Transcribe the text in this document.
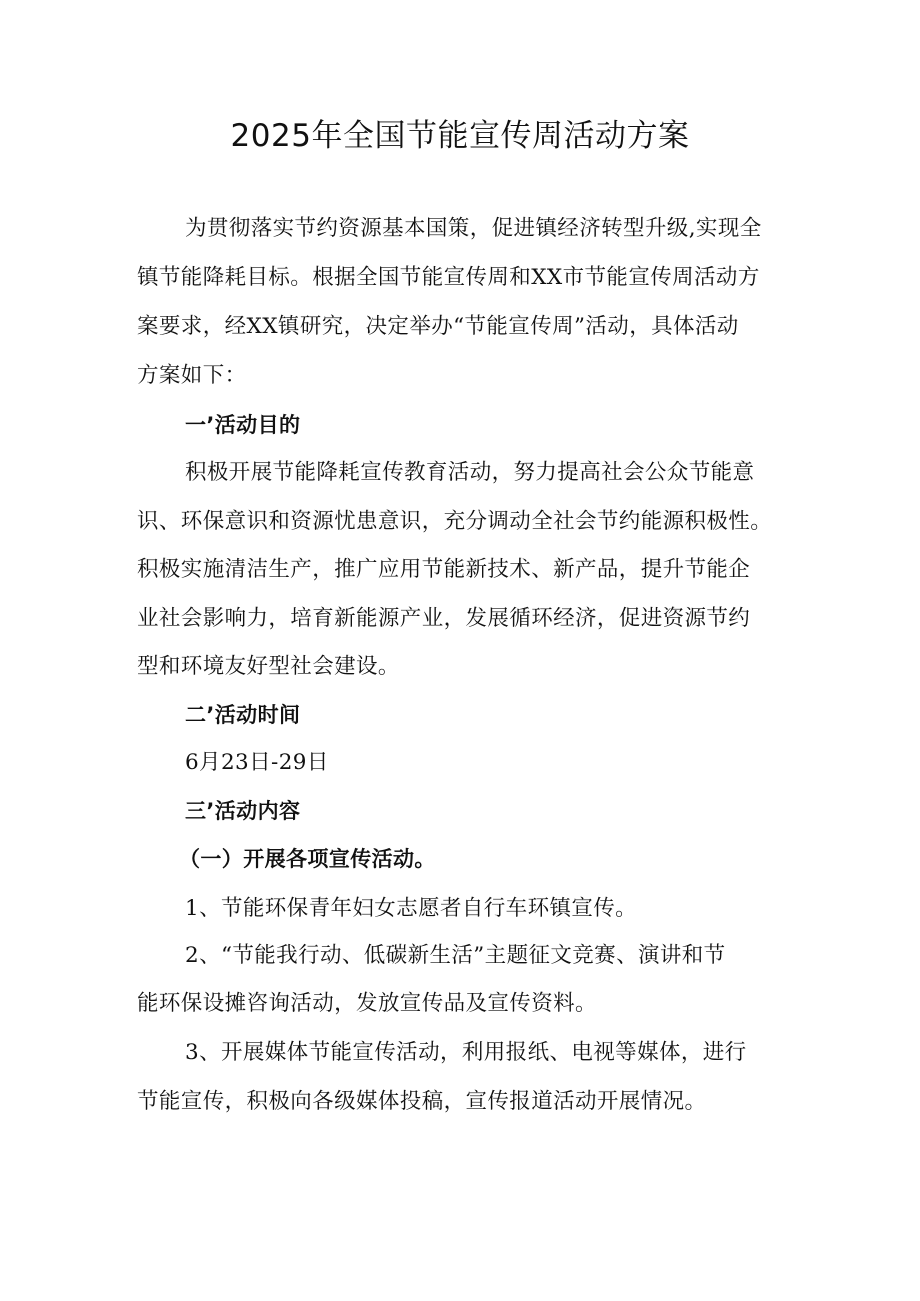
2025年全国节能宣传周活动方案
为贯彻落实节约资源基本国策，促进镇经济转型升级,实现全
镇节能降耗目标。根据全国节能宣传周和XX市节能宣传周活动方
案要求，经XX镇研究，决定举办“节能宣传周”活动，具体活动
方案如下：
一’活动目的
积极开展节能降耗宣传教育活动，努力提高社会公众节能意
识、环保意识和资源忧患意识，充分调动全社会节约能源积极性。
积极实施清洁生产，推广应用节能新技术、新产品，提升节能企
业社会影响力，培育新能源产业，发展循环经济，促进资源节约
型和环境友好型社会建设。
二’活动时间
6月23日-29日
三’活动内容
（一）开展各项宣传活动。
1、节能环保青年妇女志愿者自行车环镇宣传。
2、“节能我行动、低碳新生活”主题征文竞赛、演讲和节
能环保设摊咨询活动，发放宣传品及宣传资料。
3、开展媒体节能宣传活动，利用报纸、电视等媒体，进行
节能宣传，积极向各级媒体投稿，宣传报道活动开展情况。
